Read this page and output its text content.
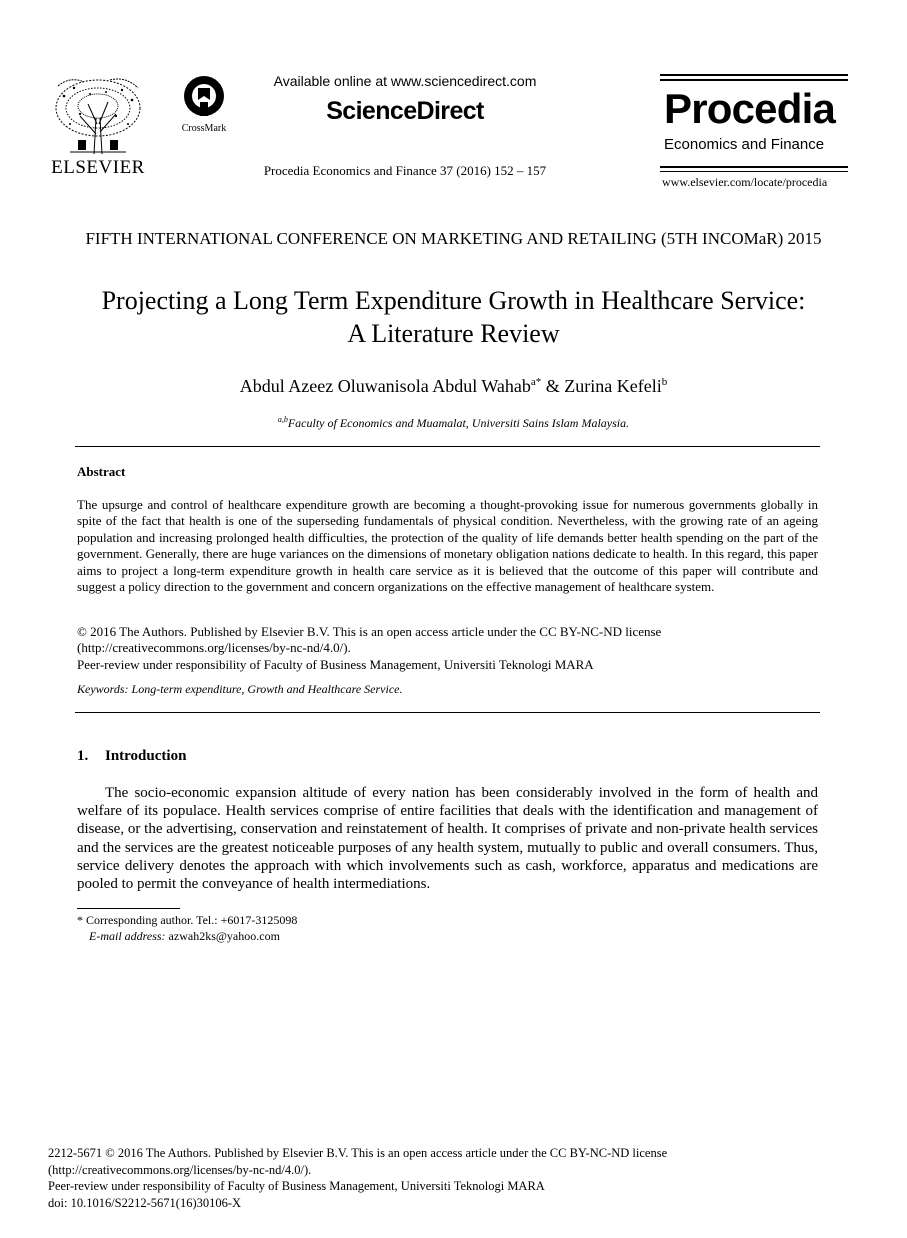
ELSEVIER
CrossMark
Available online at www.sciencedirect.com
ScienceDirect
Procedia Economics and Finance 37 (2016) 152 – 157
Procedia
Economics and Finance
www.elsevier.com/locate/procedia
FIFTH INTERNATIONAL CONFERENCE ON MARKETING AND RETAILING (5TH INCOMaR) 2015
Projecting a Long Term Expenditure Growth in Healthcare Service:
A Literature Review
Abdul Azeez Oluwanisola Abdul Wahab$^{a*}$ & Zurina Kefeli$^b$
$^{a,b}$Faculty of Economics and Muamalat, Universiti Sains Islam Malaysia.
Abstract
The upsurge and control of healthcare expenditure growth are becoming a thought-provoking issue for numerous governments globally in spite of the fact that health is one of the superseding fundamentals of physical condition. Nevertheless, with the growing rate of an ageing population and increasing prolonged health difficulties, the protection of the quality of life demands better health spending on the part of the government. Generally, there are huge variances on the dimensions of monetary obligation nations dedicate to health. In this regard, this paper aims to project a long-term expenditure growth in health care service as it is believed that the outcome of this paper will contribute and suggest a policy direction to the government and concern organizations on the effective management of healthcare system.
© 2016 The Authors. Published by Elsevier B.V. This is an open access article under the CC BY-NC-ND license
(http://creativecommons.org/licenses/by-nc-nd/4.0/).
Peer-review under responsibility of Faculty of Business Management, Universiti Teknologi MARA
Keywords: Long-term expenditure, Growth and Healthcare Service.
1. Introduction
The socio-economic expansion altitude of every nation has been considerably involved in the form of health and welfare of its populace. Health services comprise of entire facilities that deals with the identification and management of disease, or the advertising, conservation and reinstatement of health. It comprises of private and non-private health services and the services are the greatest noticeable purposes of any health system, mutually to public and overall consumers. Thus, service delivery denotes the approach with which involvements such as cash, workforce, apparatus and medications are pooled to permit the conveyance of health intermediations.
* Corresponding author. Tel.: +6017-3125098
E-mail address: azwah2ks@yahoo.com
2212-5671 © 2016 The Authors. Published by Elsevier B.V. This is an open access article under the CC BY-NC-ND license
(http://creativecommons.org/licenses/by-nc-nd/4.0/).
Peer-review under responsibility of Faculty of Business Management, Universiti Teknologi MARA
doi: 10.1016/S2212-5671(16)30106-X
